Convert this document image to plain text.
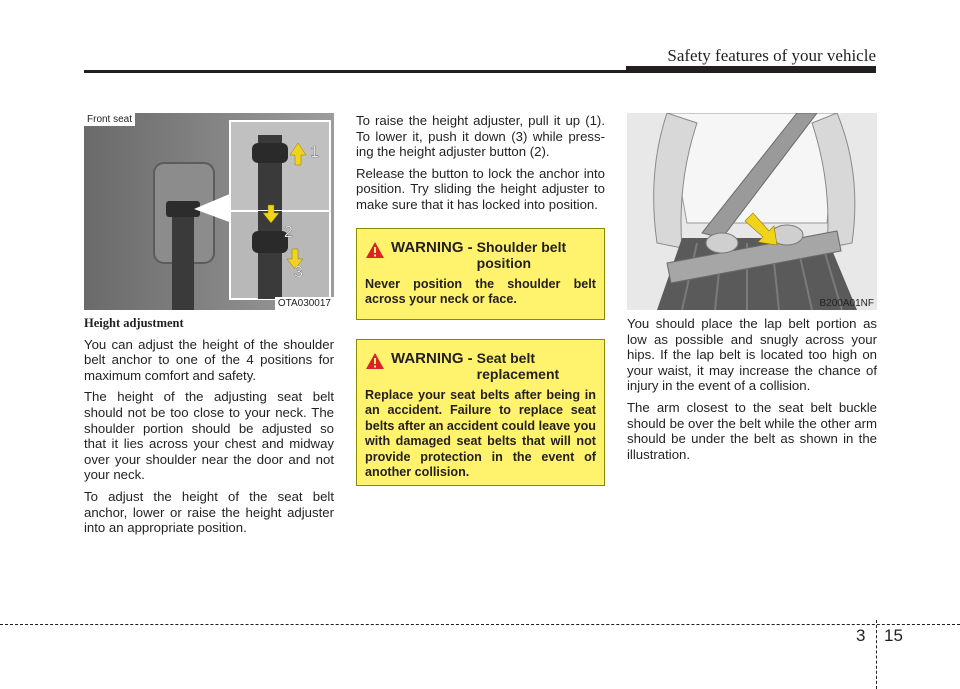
Safety features of your vehicle
1
2
3
Front seat
OTA030017

Height adjustment

You can adjust the height of the shoulder belt anchor to one of the 4 positions for maximum comfort and safety.

The height of the adjusting seat belt should not be too close to your neck. The shoulder portion should be adjusted so that it lies across your chest and midway over your shoulder near the door and not your neck.

To adjust the height of the seat belt anchor, lower or raise the height adjuster into an appropriate position.

To raise the height adjuster, pull it up (1). To lower it, push it down (3) while press-ing the height adjuster button (2).

Release the button to lock the anchor into position. Try sliding the height adjuster to make sure that it has locked into position.

WARNING - Shoulder belt position

Never position the shoulder belt across your neck or face.

WARNING - Seat belt replacement

Replace your seat belts after being in an accident. Failure to replace seat belts after an accident could leave you with damaged seat belts that will not provide protection in the event of another collision.

B200A01NF

You should place the lap belt portion as low as possible and snugly across your hips. If the lap belt is located too high on your waist, it may increase the chance of injury in the event of a collision.

The arm closest to the seat belt buckle should be over the belt while the other arm should be under the belt as shown in the illustration.

3 15
